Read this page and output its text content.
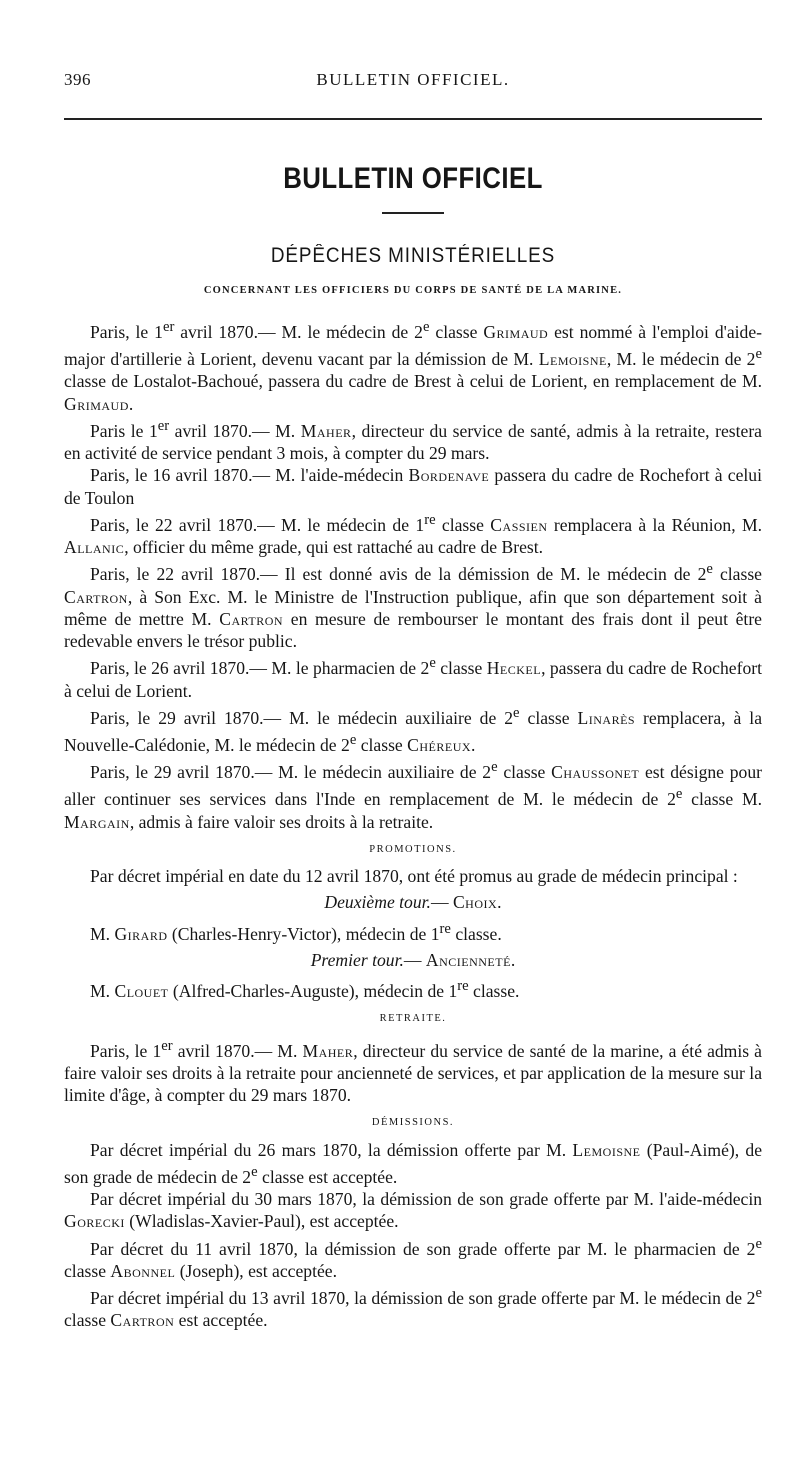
396	BULLETIN OFFICIEL.
BULLETIN OFFICIEL
DÉPÊCHES MINISTÉRIELLES
CONCERNANT LES OFFICIERS DU CORPS DE SANTÉ DE LA MARINE.

Paris, le 1er avril 1870.— M. le médecin de 2e classe Grimaud est nommé à l'emploi d'aide-major d'artillerie à Lorient, devenu vacant par la démission de M. Lemoisne, M. le médecin de 2e classe de Lostalot-Bachoué, passera du cadre de Brest à celui de Lorient, en remplacement de M. Grimaud.

Paris le 1er avril 1870.— M. Maher, directeur du service de santé, admis à la retraite, restera en activité de service pendant 3 mois, à compter du 29 mars.

Paris, le 16 avril 1870.— M. l'aide-médecin Bordenave passera du cadre de Rochefort à celui de Toulon

Paris, le 22 avril 1870.— M. le médecin de 1re classe Cassien remplacera à la Réunion, M. Allanic, officier du même grade, qui est rattaché au cadre de Brest.

Paris, le 22 avril 1870.— Il est donné avis de la démission de M. le médecin de 2e classe Cartron, à Son Exc. M. le Ministre de l'Instruction publique, afin que son département soit à même de mettre M. Cartron en mesure de rembourser le montant des frais dont il peut être redevable envers le trésor public.

Paris, le 26 avril 1870.— M. le pharmacien de 2e classe Heckel, passera du cadre de Rochefort à celui de Lorient.

Paris, le 29 avril 1870.— M. le médecin auxiliaire de 2e classe Linarès remplacera, à la Nouvelle-Calédonie, M. le médecin de 2e classe Chéreux.

Paris, le 29 avril 1870.— M. le médecin auxiliaire de 2e classe Chaussonet est désigne pour aller continuer ses services dans l'Inde en remplacement de M. le médecin de 2e classe M. Margain, admis à faire valoir ses droits à la retraite.

PROMOTIONS.

Par décret impérial en date du 12 avril 1870, ont été promus au grade de médecin principal :

Deuxième tour.— Choix.
M. Girard (Charles-Henry-Victor), médecin de 1re classe.
Premier tour.— Ancienneté.
M. Clouet (Alfred-Charles-Auguste), médecin de 1re classe.
RETRAITE.

Paris, le 1er avril 1870.— M. Maher, directeur du service de santé de la marine, a été admis à faire valoir ses droits à la retraite pour ancienneté de services, et par application de la mesure sur la limite d'âge, à compter du 29 mars 1870.

DÉMISSIONS.

Par décret impérial du 26 mars 1870, la démission offerte par M. Lemoisne (Paul-Aimé), de son grade de médecin de 2e classe est acceptée.

Par décret impérial du 30 mars 1870, la démission de son grade offerte par M. l'aide-médecin Gorecki (Wladislas-Xavier-Paul), est acceptée.

Par décret du 11 avril 1870, la démission de son grade offerte par M. le pharmacien de 2e classe Abonnel (Joseph), est acceptée.

Par décret impérial du 13 avril 1870, la démission de son grade offerte par M. le médecin de 2e classe Cartron est acceptée.
